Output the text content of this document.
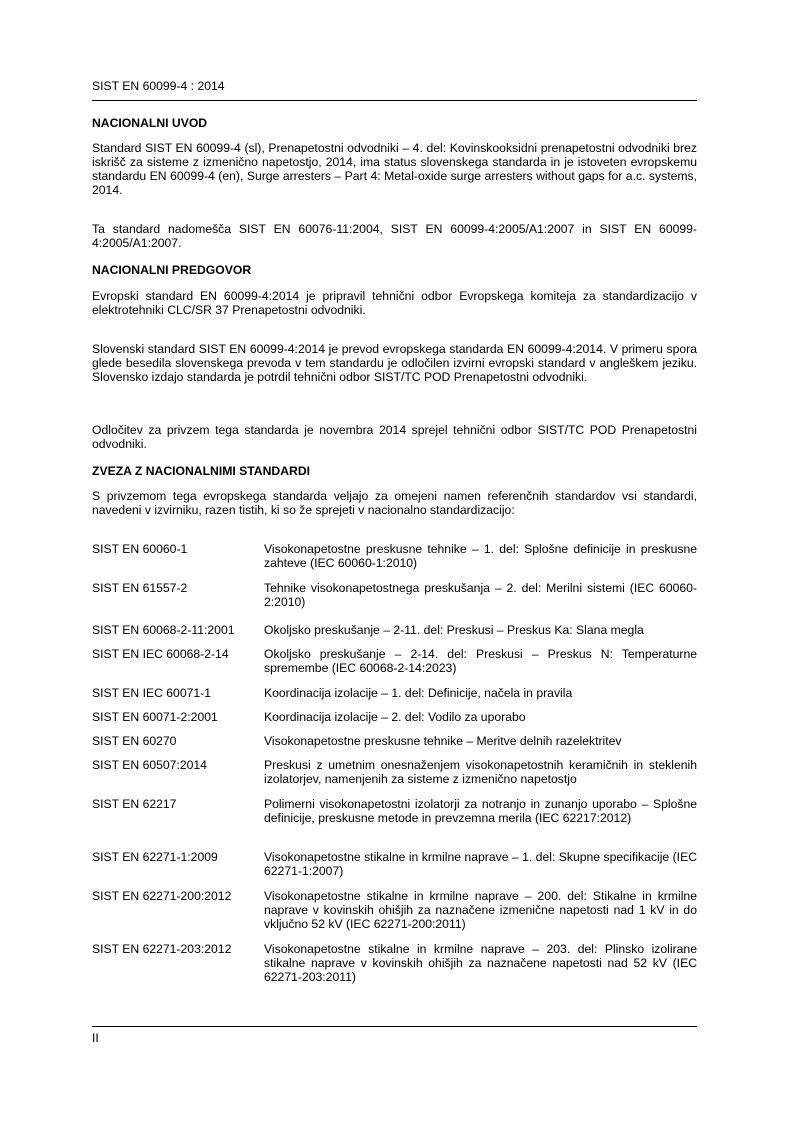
SIST EN 60099-4 : 2014
NACIONALNI UVOD

Standard SIST EN 60099-4 (sl), Prenapetostni odvodniki – 4. del: Kovinskooksidni prenapetostni odvodniki brez iskrišč za sisteme z izmenično napetostjo, 2014, ima status slovenskega standarda in je istoveten evropskemu standardu EN 60099-4 (en), Surge arresters – Part 4: Metal-oxide surge arresters without gaps for a.c. systems, 2014.

Ta standard nadomešča SIST EN 60076-11:2004, SIST EN 60099-4:2005/A1:2007 in SIST EN 60099-4:2005/A1:2007.

NACIONALNI PREDGOVOR

Evropski standard EN 60099-4:2014 je pripravil tehnični odbor Evropskega komiteja za standardizacijo v elektrotehniki CLC/SR 37 Prenapetostni odvodniki.

Slovenski standard SIST EN 60099-4:2014 je prevod evropskega standarda EN 60099-4:2014. V primeru spora glede besedila slovenskega prevoda v tem standardu je odločilen izvirni evropski standard v angleškem jeziku. Slovensko izdajo standarda je potrdil tehnični odbor SIST/TC POD Prenapetostni odvodniki.

Odločitev za privzem tega standarda je novembra 2014 sprejel tehnični odbor SIST/TC POD Prenapetostni odvodniki.

ZVEZA Z NACIONALNIMI STANDARDI

S privzemom tega evropskega standarda veljajo za omejeni namen referenčnih standardov vsi standardi, navedeni v izvirniku, razen tistih, ki so že sprejeti v nacionalno standardizacijo:

SIST EN 60060-1	Visokonapetostne preskusne tehnike – 1. del: Splošne definicije in preskusne zahteve (IEC 60060-1:2010)
SIST EN 61557-2	Tehnike visokonapetostnega preskušanja – 2. del: Merilni sistemi (IEC 60060-2:2010)
SIST EN 60068-2-11:2001	Okoljsko preskušanje – 2-11. del: Preskusi – Preskus Ka: Slana megla
SIST EN IEC 60068-2-14	Okoljsko preskušanje – 2-14. del: Preskusi – Preskus N: Temperaturne spremembe (IEC 60068-2-14:2023)
SIST EN IEC 60071-1	Koordinacija izolacije – 1. del: Definicije, načela in pravila
SIST EN 60071-2:2001	Koordinacija izolacije – 2. del: Vodilo za uporabo
SIST EN 60270	Visokonapetostne preskusne tehnike – Meritve delnih razelektritev
SIST EN 60507:2014	Preskusi z umetnim onesnaženjem visokonapetostnih keramičnih in steklenih izolatorjev, namenjenih za sisteme z izmenično napetostjo
SIST EN 62217	Polimerni visokonapetostni izolatorji za notranjo in zunanjo uporabo – Splošne definicije, preskusne metode in prevzemna merila (IEC 62217:2012)
SIST EN 62271-1:2009	Visokonapetostne stikalne in krmilne naprave – 1. del: Skupne specifikacije (IEC 62271-1:2007)
SIST EN 62271-200:2012	Visokonapetostne stikalne in krmilne naprave – 200. del: Stikalne in krmilne naprave v kovinskih ohišjih za naznačene izmenične napetosti nad 1 kV in do vključno 52 kV (IEC 62271-200:2011)
SIST EN 62271-203:2012	Visokonapetostne stikalne in krmilne naprave – 203. del: Plinsko izolirane stikalne naprave v kovinskih ohišjih za naznačene napetosti nad 52 kV (IEC 62271-203:2011)
II
